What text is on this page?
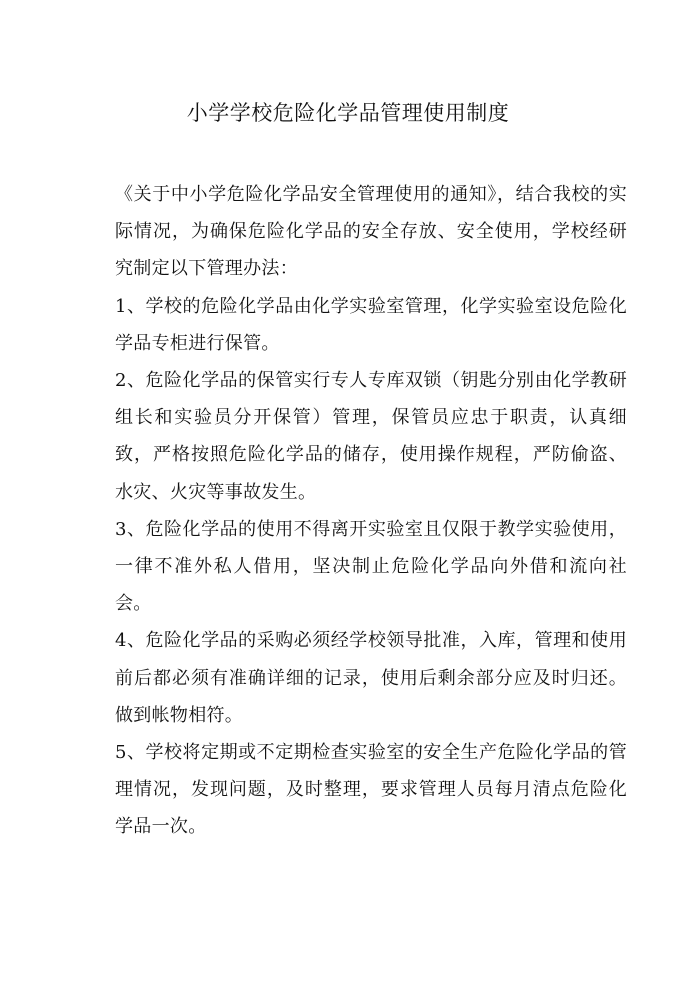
小学学校危险化学品管理使用制度

《关于中小学危险化学品安全管理使用的通知》，结合我校的实际情况，为确保危险化学品的安全存放、安全使用，学校经研究制定以下管理办法：

1、学校的危险化学品由化学实验室管理，化学实验室设危险化学品专柜进行保管。

2、危险化学品的保管实行专人专库双锁（钥匙分别由化学教研组长和实验员分开保管）管理，保管员应忠于职责，认真细致，严格按照危险化学品的储存，使用操作规程，严防偷盗、水灾、火灾等事故发生。

3、危险化学品的使用不得离开实验室且仅限于教学实验使用，一律不准外私人借用，坚决制止危险化学品向外借和流向社会。

4、危险化学品的采购必须经学校领导批准，入库，管理和使用前后都必须有准确详细的记录，使用后剩余部分应及时归还。做到帐物相符。

5、学校将定期或不定期检查实验室的安全生产危险化学品的管理情况，发现问题，及时整理，要求管理人员每月清点危险化学品一次。
